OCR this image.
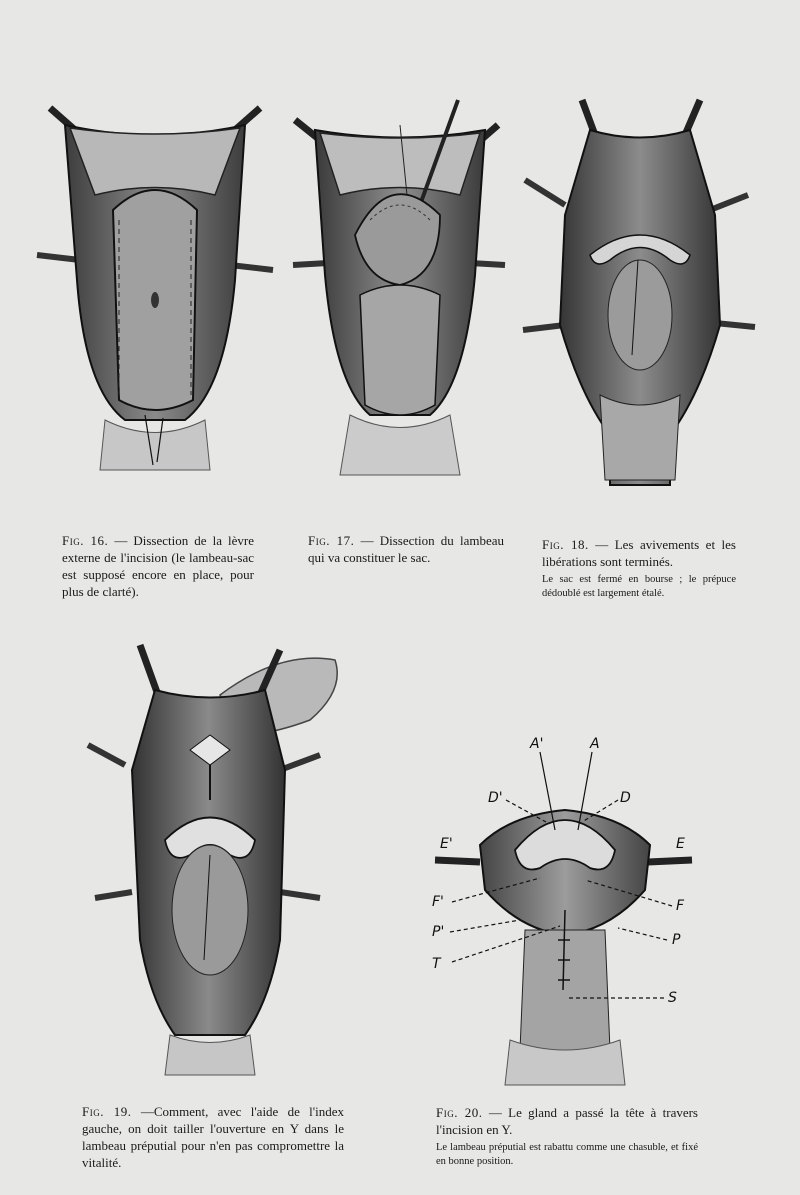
Fig. 16. — Dissection de la lèvre externe de l'incision (le lambeau-sac est supposé encore en place, pour plus de clarté).
Fig. 17. — Dissection du lambeau qui va constituer le sac.
Fig. 18. — Les avivements et les libérations sont terminés.
Le sac est fermé en bourse ; le prépuce dédoublé est largement étalé.
A'	A
D'	D
E'	E
F'	F
P'	P
T
S
Fig. 19. —Comment, avec l'aide de l'index gauche, on doit tailler l'ouverture en Y dans le lambeau préputial pour n'en pas compromettre la vitalité.
Fig. 20. — Le gland a passé la tête à travers l'incision en Y.
Le lambeau préputial est rabattu comme une chasuble, et fixé en bonne position.
